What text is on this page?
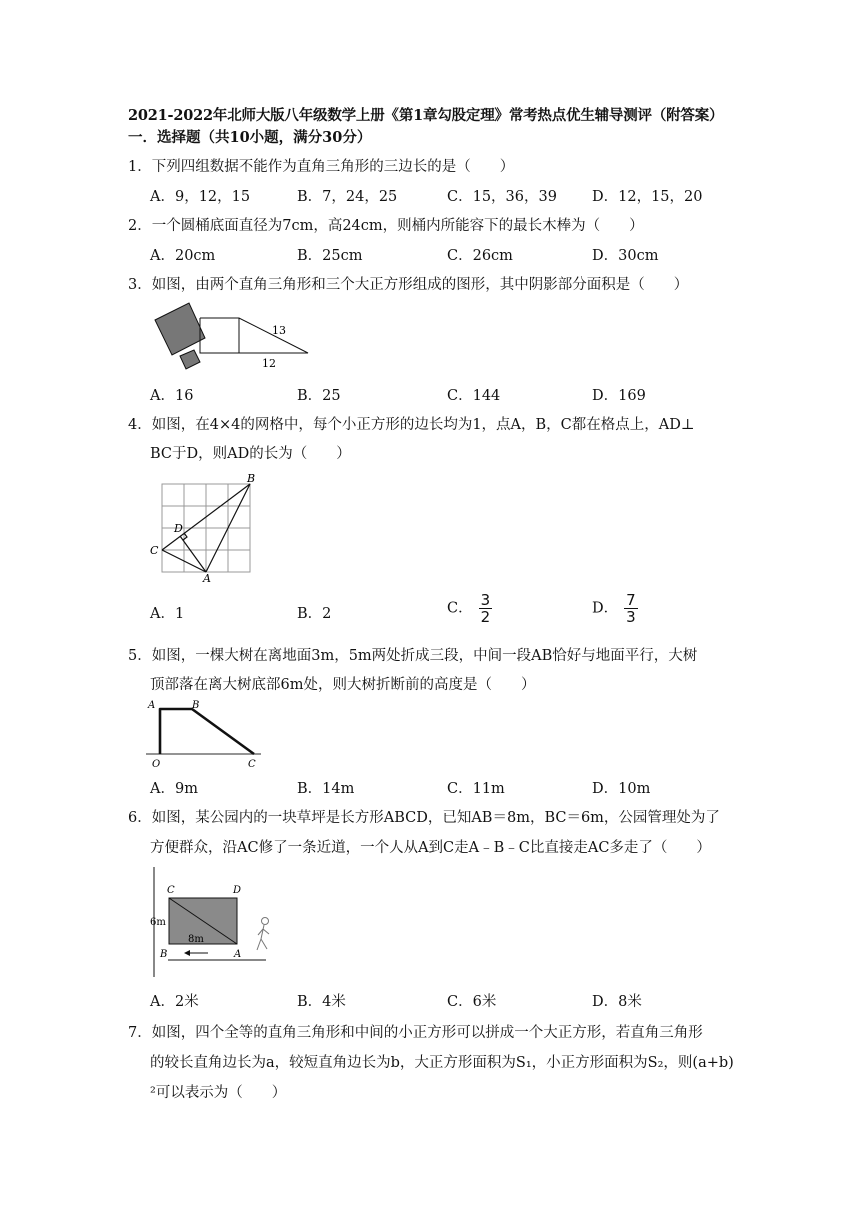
2021-2022年北师大版八年级数学上册《第1章勾股定理》常考热点优生辅导测评（附答案）
一．选择题（共10小题，满分30分）
1．下列四组数据不能作为直角三角形的三边长的是（　　）
A．9，12，15	B．7，24，25	C．15，36，39 D．12，15，20
2．一个圆桶底面直径为7cm，高24cm，则桶内所能容下的最长木棒为（　　）
A．20cm	B．25cm	C．26cm	D．30cm
3．如图，由两个直角三角形和三个大正方形组成的图形，其中阴影部分面积是（　　）
13
12
A．16	B．25	C．144	D．169
4．如图，在4×4的网格中，每个小正方形的边长均为1，点A，B，C都在格点上，AD⊥
BC于D，则AD的长为（　　）
B
D
C
A
A．1	B．2	C． $\frac{3}{2}$	D． $\frac{7}{3}$
5．如图，一棵大树在离地面3m，5m两处折成三段，中间一段AB恰好与地面平行，大树
顶部落在离大树底部6m处，则大树折断前的高度是（　　）
A	B
O	C
A．9m	B．14m	C．11m	D．10m
6．如图，某公园内的一块草坪是长方形ABCD，已知AB＝8m，BC＝6m，公园管理处为了
方便群众，沿AC修了一条近道，一个人从A到C走A﹣B﹣C比直接走AC多走了（　　）
C	D
6m
8m
B	A
A．2米	B．4米	C．6米	D．8米
7．如图，四个全等的直角三角形和中间的小正方形可以拼成一个大正方形，若直角三角形
的较长直角边长为a，较短直角边长为b，大正方形面积为S₁，小正方形面积为S₂，则(a+b)
²可以表示为（　　）
